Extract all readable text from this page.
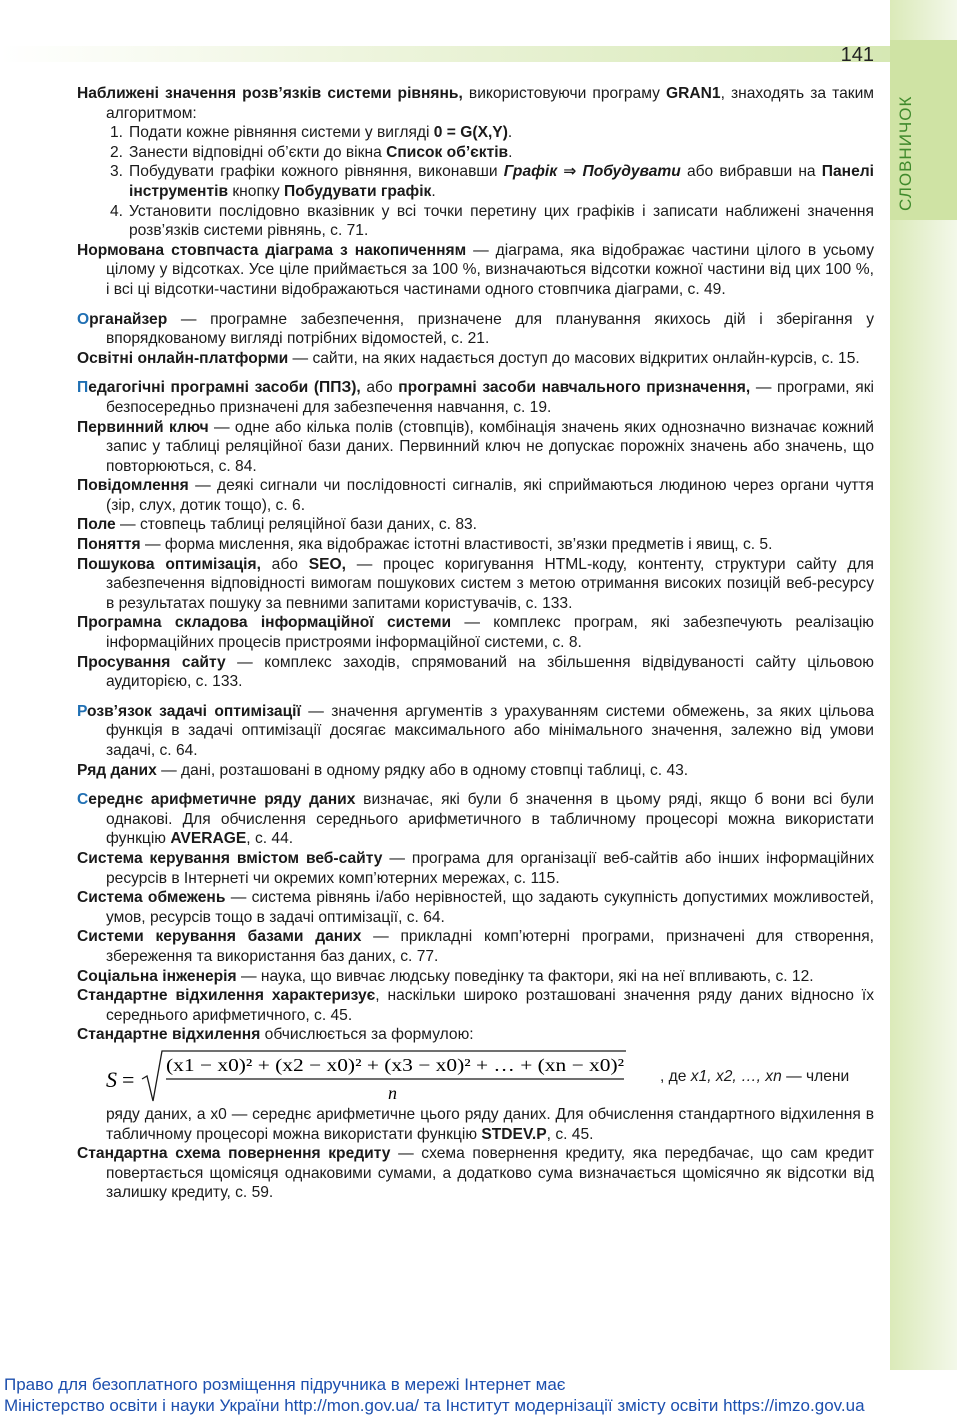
СЛОВНИЧОК
141

Наближені значення розв’язків системи рівнянь, використовуючи програму GRAN1, знаходять за таким алгоритмом:

1. Подати кожне рівняння системи у вигляді 0 = G(X,Y).
2. Занести відповідні об’єкти до вікна Список об’єктів.
3. Побудувати графіки кожного рівняння, виконавши Графік ⇒ Побудувати або вибравши на Панелі інструментів кнопку Побудувати графік.
4. Установити послідовно вказівник у всі точки перетину цих графіків і записати наближені значення розв’язків системи рівнянь, с. 71.

Нормована стовпчаста діаграма з накопиченням — діаграма, яка відображає частини цілого в усьому цілому у відсотках. Усе ціле приймається за 100 %, визначаються відсотки кожної частини від цих 100 %, і всі ці відсотки-частини відображаються частинами одного стовпчика діаграми, с. 49.

Органайзер — програмне забезпечення, призначене для планування якихось дій і зберігання у впорядкованому вигляді потрібних відомостей, с. 21.

Освітні онлайн-платформи — сайти, на яких надається доступ до масових відкритих онлайн-курсів, с. 15.

Педагогічні програмні засоби (ППЗ), або програмні засоби навчального призначення, — програми, які безпосередньо призначені для забезпечення навчання, с. 19.

Первинний ключ — одне або кілька полів (стовпців), комбінація значень яких однозначно визначає кожний запис у таблиці реляційної бази даних. Первинний ключ не допускає порожніх значень або значень, що повторюються, с. 84.

Повідомлення — деякі сигнали чи послідовності сигналів, які сприймаються людиною через органи чуття (зір, слух, дотик тощо), с. 6.

Поле — стовпець таблиці реляційної бази даних, с. 83.

Поняття — форма мислення, яка відображає істотні властивості, зв’язки предметів і явищ, с. 5.

Пошукова оптимізація, або SEO, — процес коригування HTML-коду, контенту, структури сайту для забезпечення відповідності вимогам пошукових систем з метою отримання високих позицій веб-ресурсу в результатах пошуку за певними запитами користувачів, с. 133.

Програмна складова інформаційної системи — комплекс програм, які забезпечують реалізацію інформаційних процесів пристроями інформаційної системи, с. 8.

Просування сайту — комплекс заходів, спрямований на збільшення відвідуваності сайту цільовою аудиторією, с. 133.

Розв’язок задачі оптимізації — значення аргументів з урахуванням системи обмежень, за яких цільова функція в задачі оптимізації досягає максимального або мінімального значення, залежно від умови задачі, с. 64.

Ряд даних — дані, розташовані в одному рядку або в одному стовпці таблиці, с. 43.

Середнє арифметичне ряду даних визначає, які були б значення в цьому ряді, якщо б вони всі були однакові. Для обчислення середнього арифметичного в табличному процесорі можна використати функцію AVERAGE, с. 44.

Система керування вмістом веб-сайту — програма для організації веб-сайтів або інших інформаційних ресурсів в Інтернеті чи окремих комп’ютерних мережах, с. 115.

Система обмежень — система рівнянь і/або нерівностей, що задають сукупність допустимих можливостей, умов, ресурсів тощо в задачі оптимізації, с. 64.

Системи керування базами даних — прикладні комп’ютерні програми, призначені для створення, збереження та використання баз даних, с. 77.

Соціальна інженерія — наука, що вивчає людську поведінку та фактори, які на неї впливають, с. 12.

Стандартне відхилення характеризує, наскільки широко розташовані значення ряду даних відносно їх середнього арифметичного, с. 45.

Стандартне відхилення обчислюється за формулою:

S =
(x1 − x0)² + (x2 − x0)² + (x3 − x0)² + … + (xn − x0)²
n
, де x1, x2, …, xn — члени

ряду даних, а x0 — середнє арифметичне цього ряду даних. Для обчислення стандартного відхилення в табличному процесорі можна використати функцію STDEV.P, с. 45.

Стандартна схема повернення кредиту — схема повернення кредиту, яка передбачає, що сам кредит повертається щомісяця однаковими сумами, а додатково сума визначається щомісячно як відсотки від залишку кредиту, с. 59.

Право для безоплатного розміщення підручника в мережі Інтернет має
Міністерство освіти і науки України http://mon.gov.ua/ та Інститут модернізації змісту освіти https://imzo.gov.ua
